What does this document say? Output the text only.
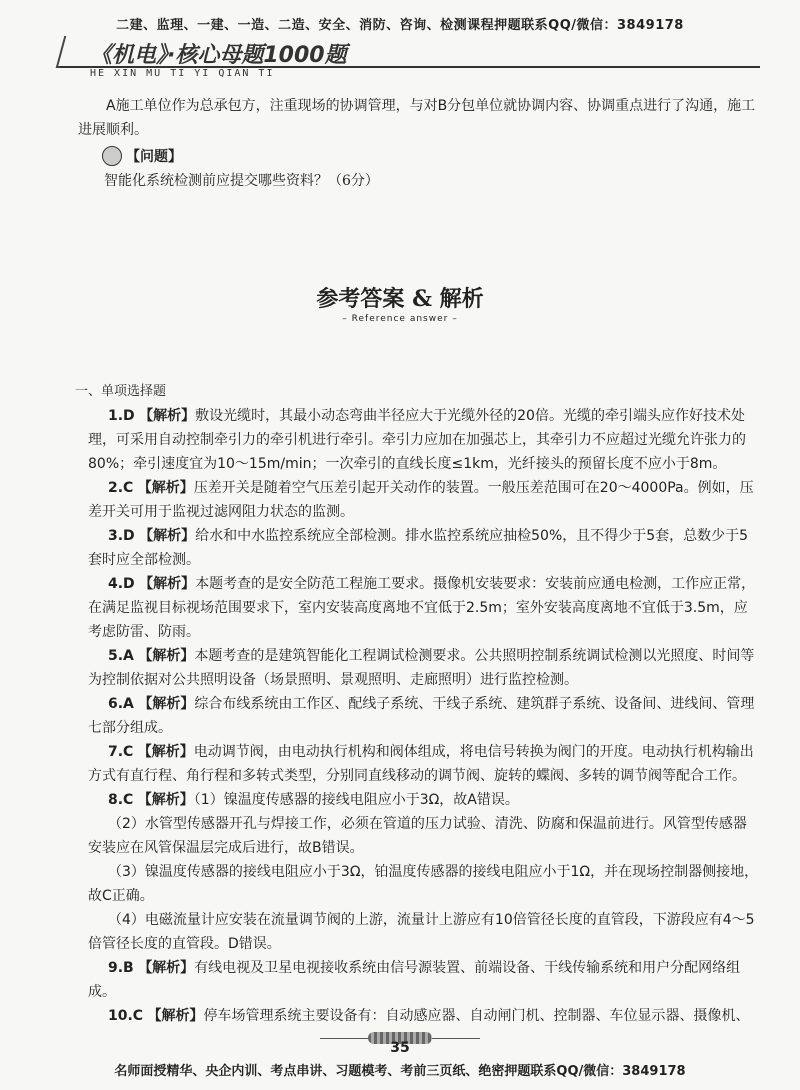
二建、监理、一建、一造、二造、安全、消防、咨询、检测课程押题联系QQ/微信：3849178
《机电》·核心母题1000题
HE XIN MU TI YI QIAN TI
A施工单位作为总承包方，注重现场的协调管理，与对B分包单位就协调内容、协调重点进行了沟通，施工进展顺利。
【问题】
智能化系统检测前应提交哪些资料？（6分）
参考答案 & 解析
– Reference answer –
一、单项选择题

1.D 【解析】敷设光缆时，其最小动态弯曲半径应大于光缆外径的20倍。光缆的牵引端头应作好技术处理，可采用自动控制牵引力的牵引机进行牵引。牵引力应加在加强芯上，其牵引力不应超过光缆允许张力的80%；牵引速度宜为10～15m/min；一次牵引的直线长度≤1km，光纤接头的预留长度不应小于8m。

2.C 【解析】压差开关是随着空气压差引起开关动作的装置。一般压差范围可在20～4000Pa。例如，压差开关可用于监视过滤网阻力状态的监测。

3.D 【解析】给水和中水监控系统应全部检测。排水监控系统应抽检50%，且不得少于5套，总数少于5套时应全部检测。

4.D 【解析】本题考查的是安全防范工程施工要求。摄像机安装要求：安装前应通电检测，工作应正常，在满足监视目标视场范围要求下，室内安装高度离地不宜低于2.5m；室外安装高度离地不宜低于3.5m，应考虑防雷、防雨。

5.A 【解析】本题考查的是建筑智能化工程调试检测要求。公共照明控制系统调试检测以光照度、时间等为控制依据对公共照明设备（场景照明、景观照明、走廊照明）进行监控检测。

6.A 【解析】综合布线系统由工作区、配线子系统、干线子系统、建筑群子系统、设备间、进线间、管理七部分组成。

7.C 【解析】电动调节阀，由电动执行机构和阀体组成，将电信号转换为阀门的开度。电动执行机构输出方式有直行程、角行程和多转式类型，分别同直线移动的调节阀、旋转的蝶阀、多转的调节阀等配合工作。

8.C 【解析】（1）镍温度传感器的接线电阻应小于3Ω，故A错误。

（2）水管型传感器开孔与焊接工作，必须在管道的压力试验、清洗、防腐和保温前进行。风管型传感器安装应在风管保温层完成后进行，故B错误。

（3）镍温度传感器的接线电阻应小于3Ω，铂温度传感器的接线电阻应小于1Ω，并在现场控制器侧接地，故C正确。

（4）电磁流量计应安装在流量调节阀的上游，流量计上游应有10倍管径长度的直管段，下游段应有4～5倍管径长度的直管段。D错误。

9.B 【解析】有线电视及卫星电视接收系统由信号源装置、前端设备、干线传输系统和用户分配网络组成。

10.C 【解析】停车场管理系统主要设备有：自动感应器、自动闸门机、控制器、车位显示器、摄像机、

35
名师面授精华、央企内训、考点串讲、习题模考、考前三页纸、绝密押题联系QQ/微信：3849178
